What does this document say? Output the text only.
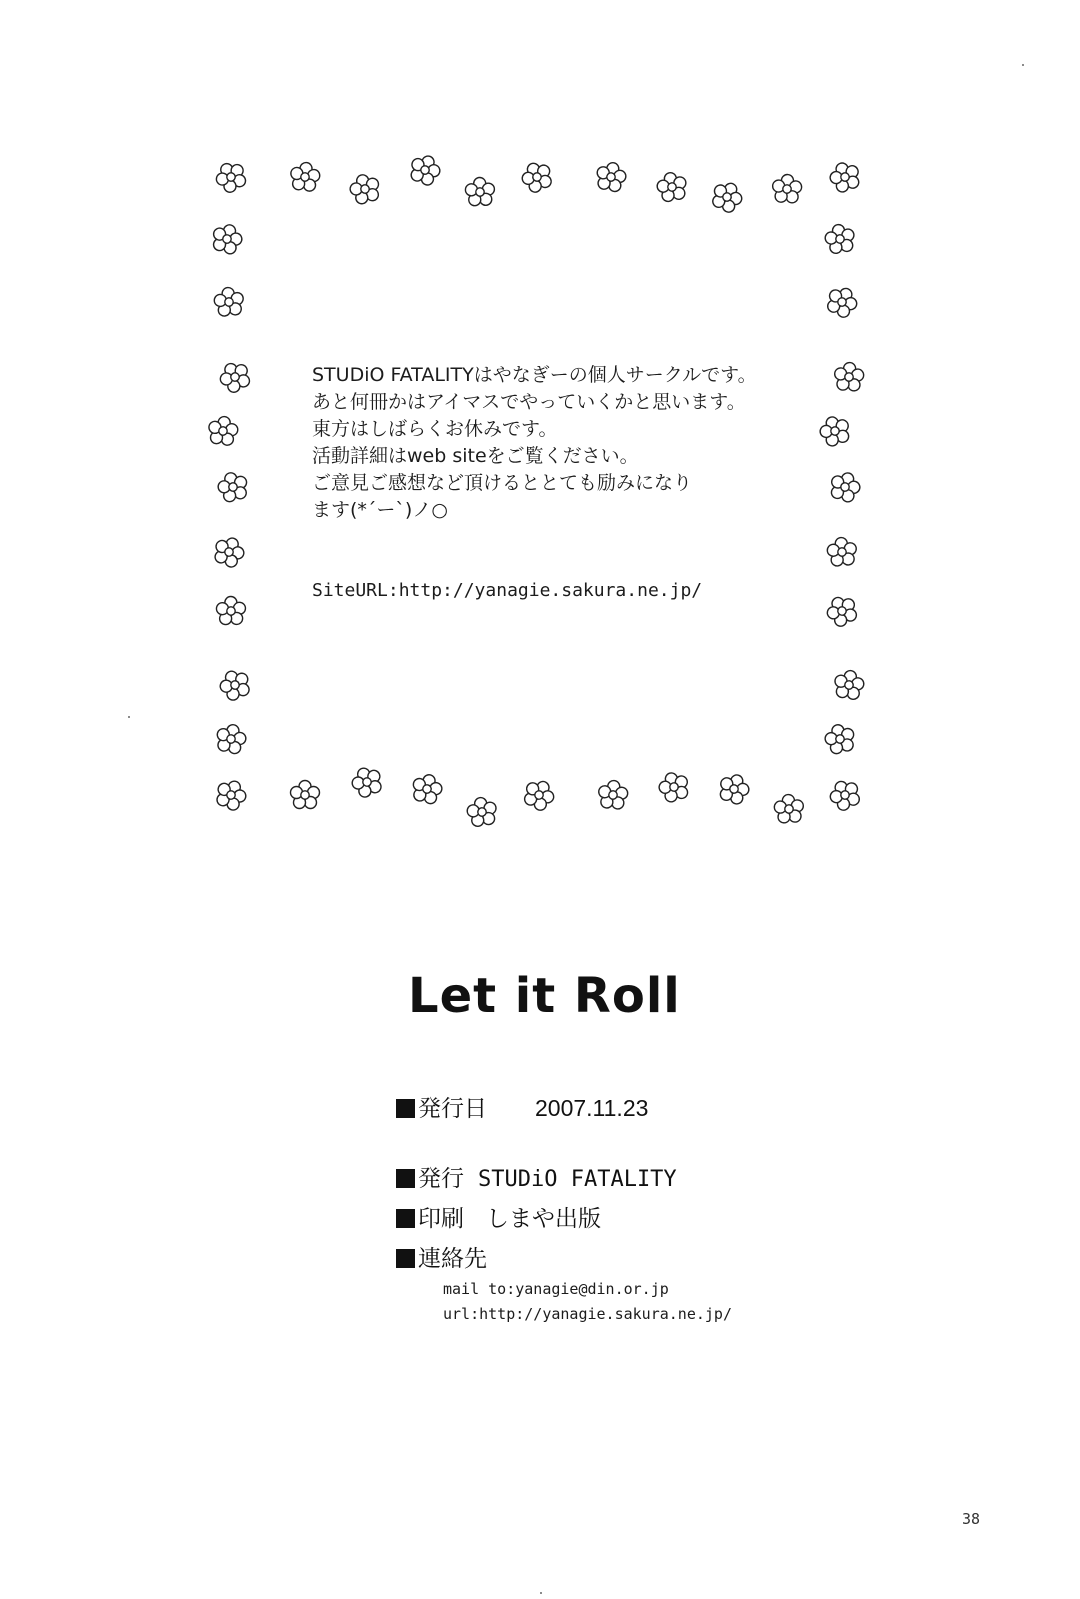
STUDiO FATALITYはやなぎーの個人サークルです。
あと何冊かはアイマスでやっていくかと思います。
東方はしばらくお休みです。
活動詳細はweb siteをご覧ください。
ご意見ご感想など頂けるととても励みになり
ます(*´ー`)ノ○
SiteURL:http://yanagie.sakura.ne.jp/
Let it Roll
発行日 2007.11.23
発行 STUDiO FATALITY
印刷 しまや出版
連絡先
mail to:yanagie@din.or.jp
url:http://yanagie.sakura.ne.jp/
38
